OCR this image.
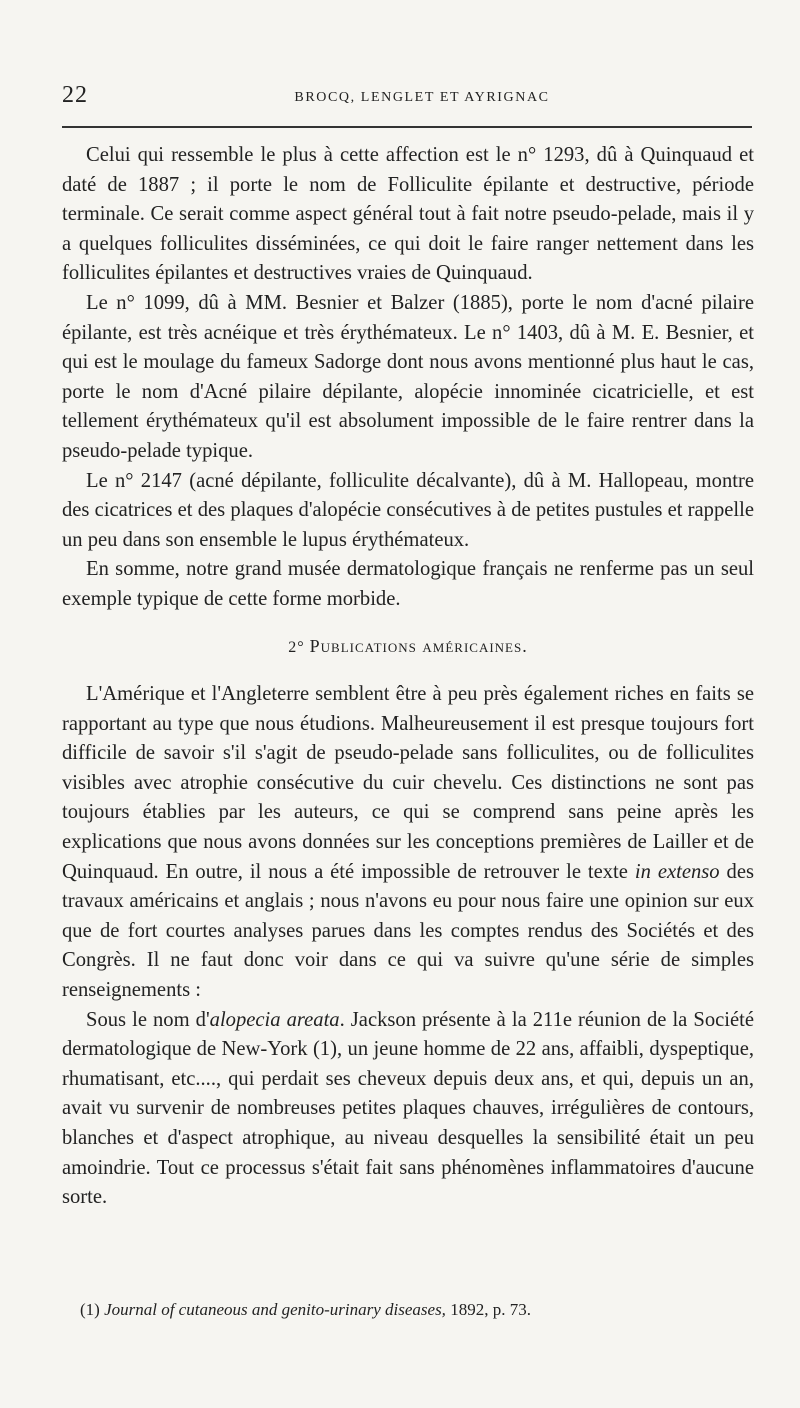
22	BROCQ, LENGLET ET AYRIGNAC

Celui qui ressemble le plus à cette affection est le n° 1293, dû à Quinquaud et daté de 1887 ; il porte le nom de Folliculite épilante et destructive, période terminale. Ce serait comme aspect général tout à fait notre pseudo-pelade, mais il y a quelques folliculites disséminées, ce qui doit le faire ranger nettement dans les folliculites épilantes et destructives vraies de Quinquaud.

Le n° 1099, dû à MM. Besnier et Balzer (1885), porte le nom d'acné pilaire épilante, est très acnéique et très érythémateux. Le n° 1403, dû à M. E. Besnier, et qui est le moulage du fameux Sadorge dont nous avons mentionné plus haut le cas, porte le nom d'Acné pilaire dépilante, alopécie innominée cicatricielle, et est tellement érythémateux qu'il est absolument impossible de le faire rentrer dans la pseudo-pelade typique.

Le n° 2147 (acné dépilante, folliculite décalvante), dû à M. Hallopeau, montre des cicatrices et des plaques d'alopécie consécutives à de petites pustules et rappelle un peu dans son ensemble le lupus érythémateux.

En somme, notre grand musée dermatologique français ne renferme pas un seul exemple typique de cette forme morbide.

2° Publications américaines.

L'Amérique et l'Angleterre semblent être à peu près également riches en faits se rapportant au type que nous étudions. Malheureusement il est presque toujours fort difficile de savoir s'il s'agit de pseudo-pelade sans folliculites, ou de folliculites visibles avec atrophie consécutive du cuir chevelu. Ces distinctions ne sont pas toujours établies par les auteurs, ce qui se comprend sans peine après les explications que nous avons données sur les conceptions premières de Lailler et de Quinquaud. En outre, il nous a été impossible de retrouver le texte in extenso des travaux américains et anglais ; nous n'avons eu pour nous faire une opinion sur eux que de fort courtes analyses parues dans les comptes rendus des Sociétés et des Congrès. Il ne faut donc voir dans ce qui va suivre qu'une série de simples renseignements :

Sous le nom d'alopecia areata. Jackson présente à la 211e réunion de la Société dermatologique de New-York (1), un jeune homme de 22 ans, affaibli, dyspeptique, rhumatisant, etc...., qui perdait ses cheveux depuis deux ans, et qui, depuis un an, avait vu survenir de nombreuses petites plaques chauves, irrégulières de contours, blanches et d'aspect atrophique, au niveau desquelles la sensibilité était un peu amoindrie. Tout ce processus s'était fait sans phénomènes inflammatoires d'aucune sorte.

(1) Journal of cutaneous and genito-urinary diseases, 1892, p. 73.
